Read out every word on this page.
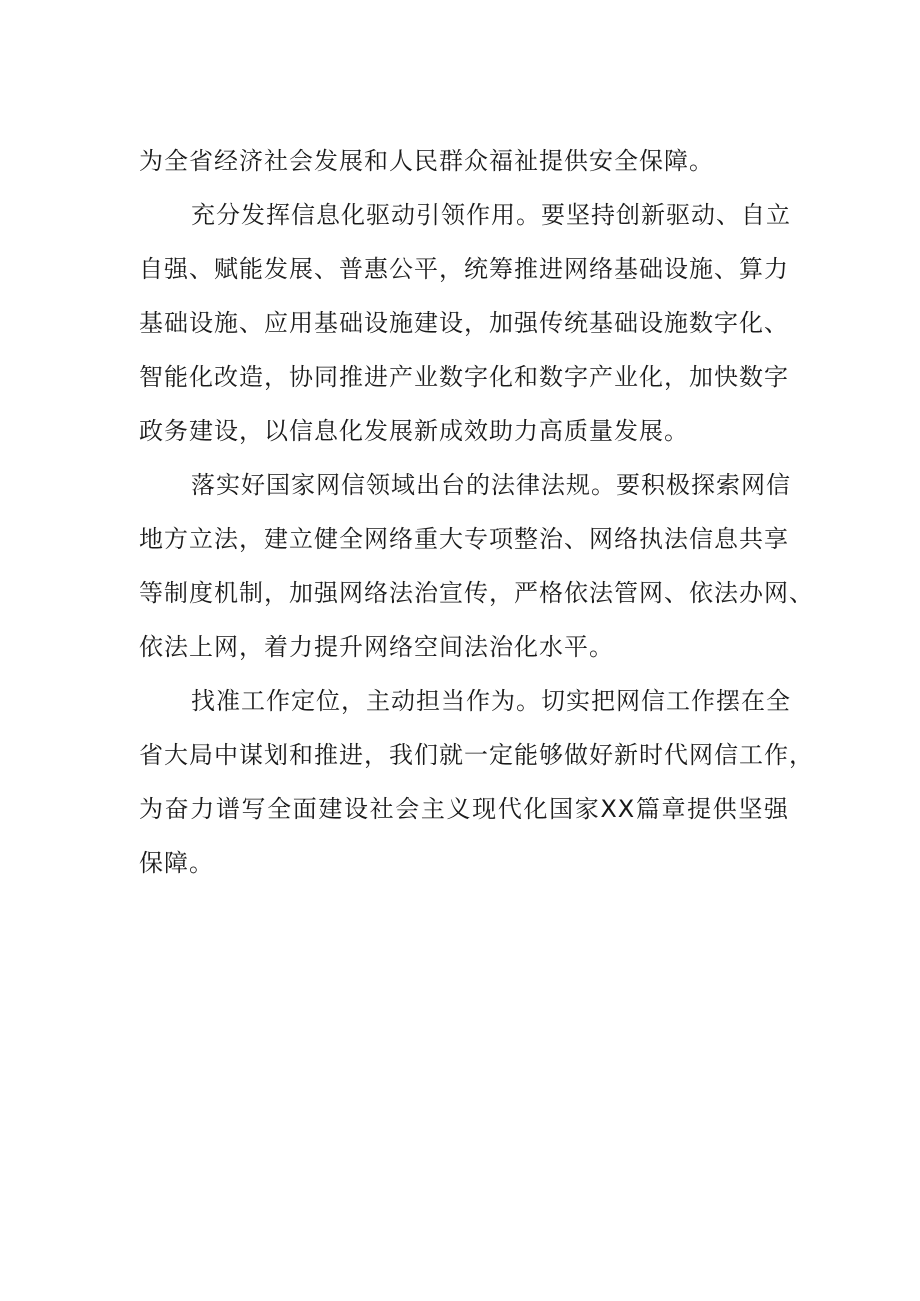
为全省经济社会发展和人民群众福祉提供安全保障。
充分发挥信息化驱动引领作用。要坚持创新驱动、自立
自强、赋能发展、普惠公平，统筹推进网络基础设施、算力
基础设施、应用基础设施建设，加强传统基础设施数字化、
智能化改造，协同推进产业数字化和数字产业化，加快数字
政务建设，以信息化发展新成效助力高质量发展。
落实好国家网信领域出台的法律法规。要积极探索网信
地方立法，建立健全网络重大专项整治、网络执法信息共享
等制度机制，加强网络法治宣传，严格依法管网、依法办网、
依法上网，着力提升网络空间法治化水平。
找准工作定位，主动担当作为。切实把网信工作摆在全
省大局中谋划和推进，我们就一定能够做好新时代网信工作，
为奋力谱写全面建设社会主义现代化国家XX篇章提供坚强
保障。
